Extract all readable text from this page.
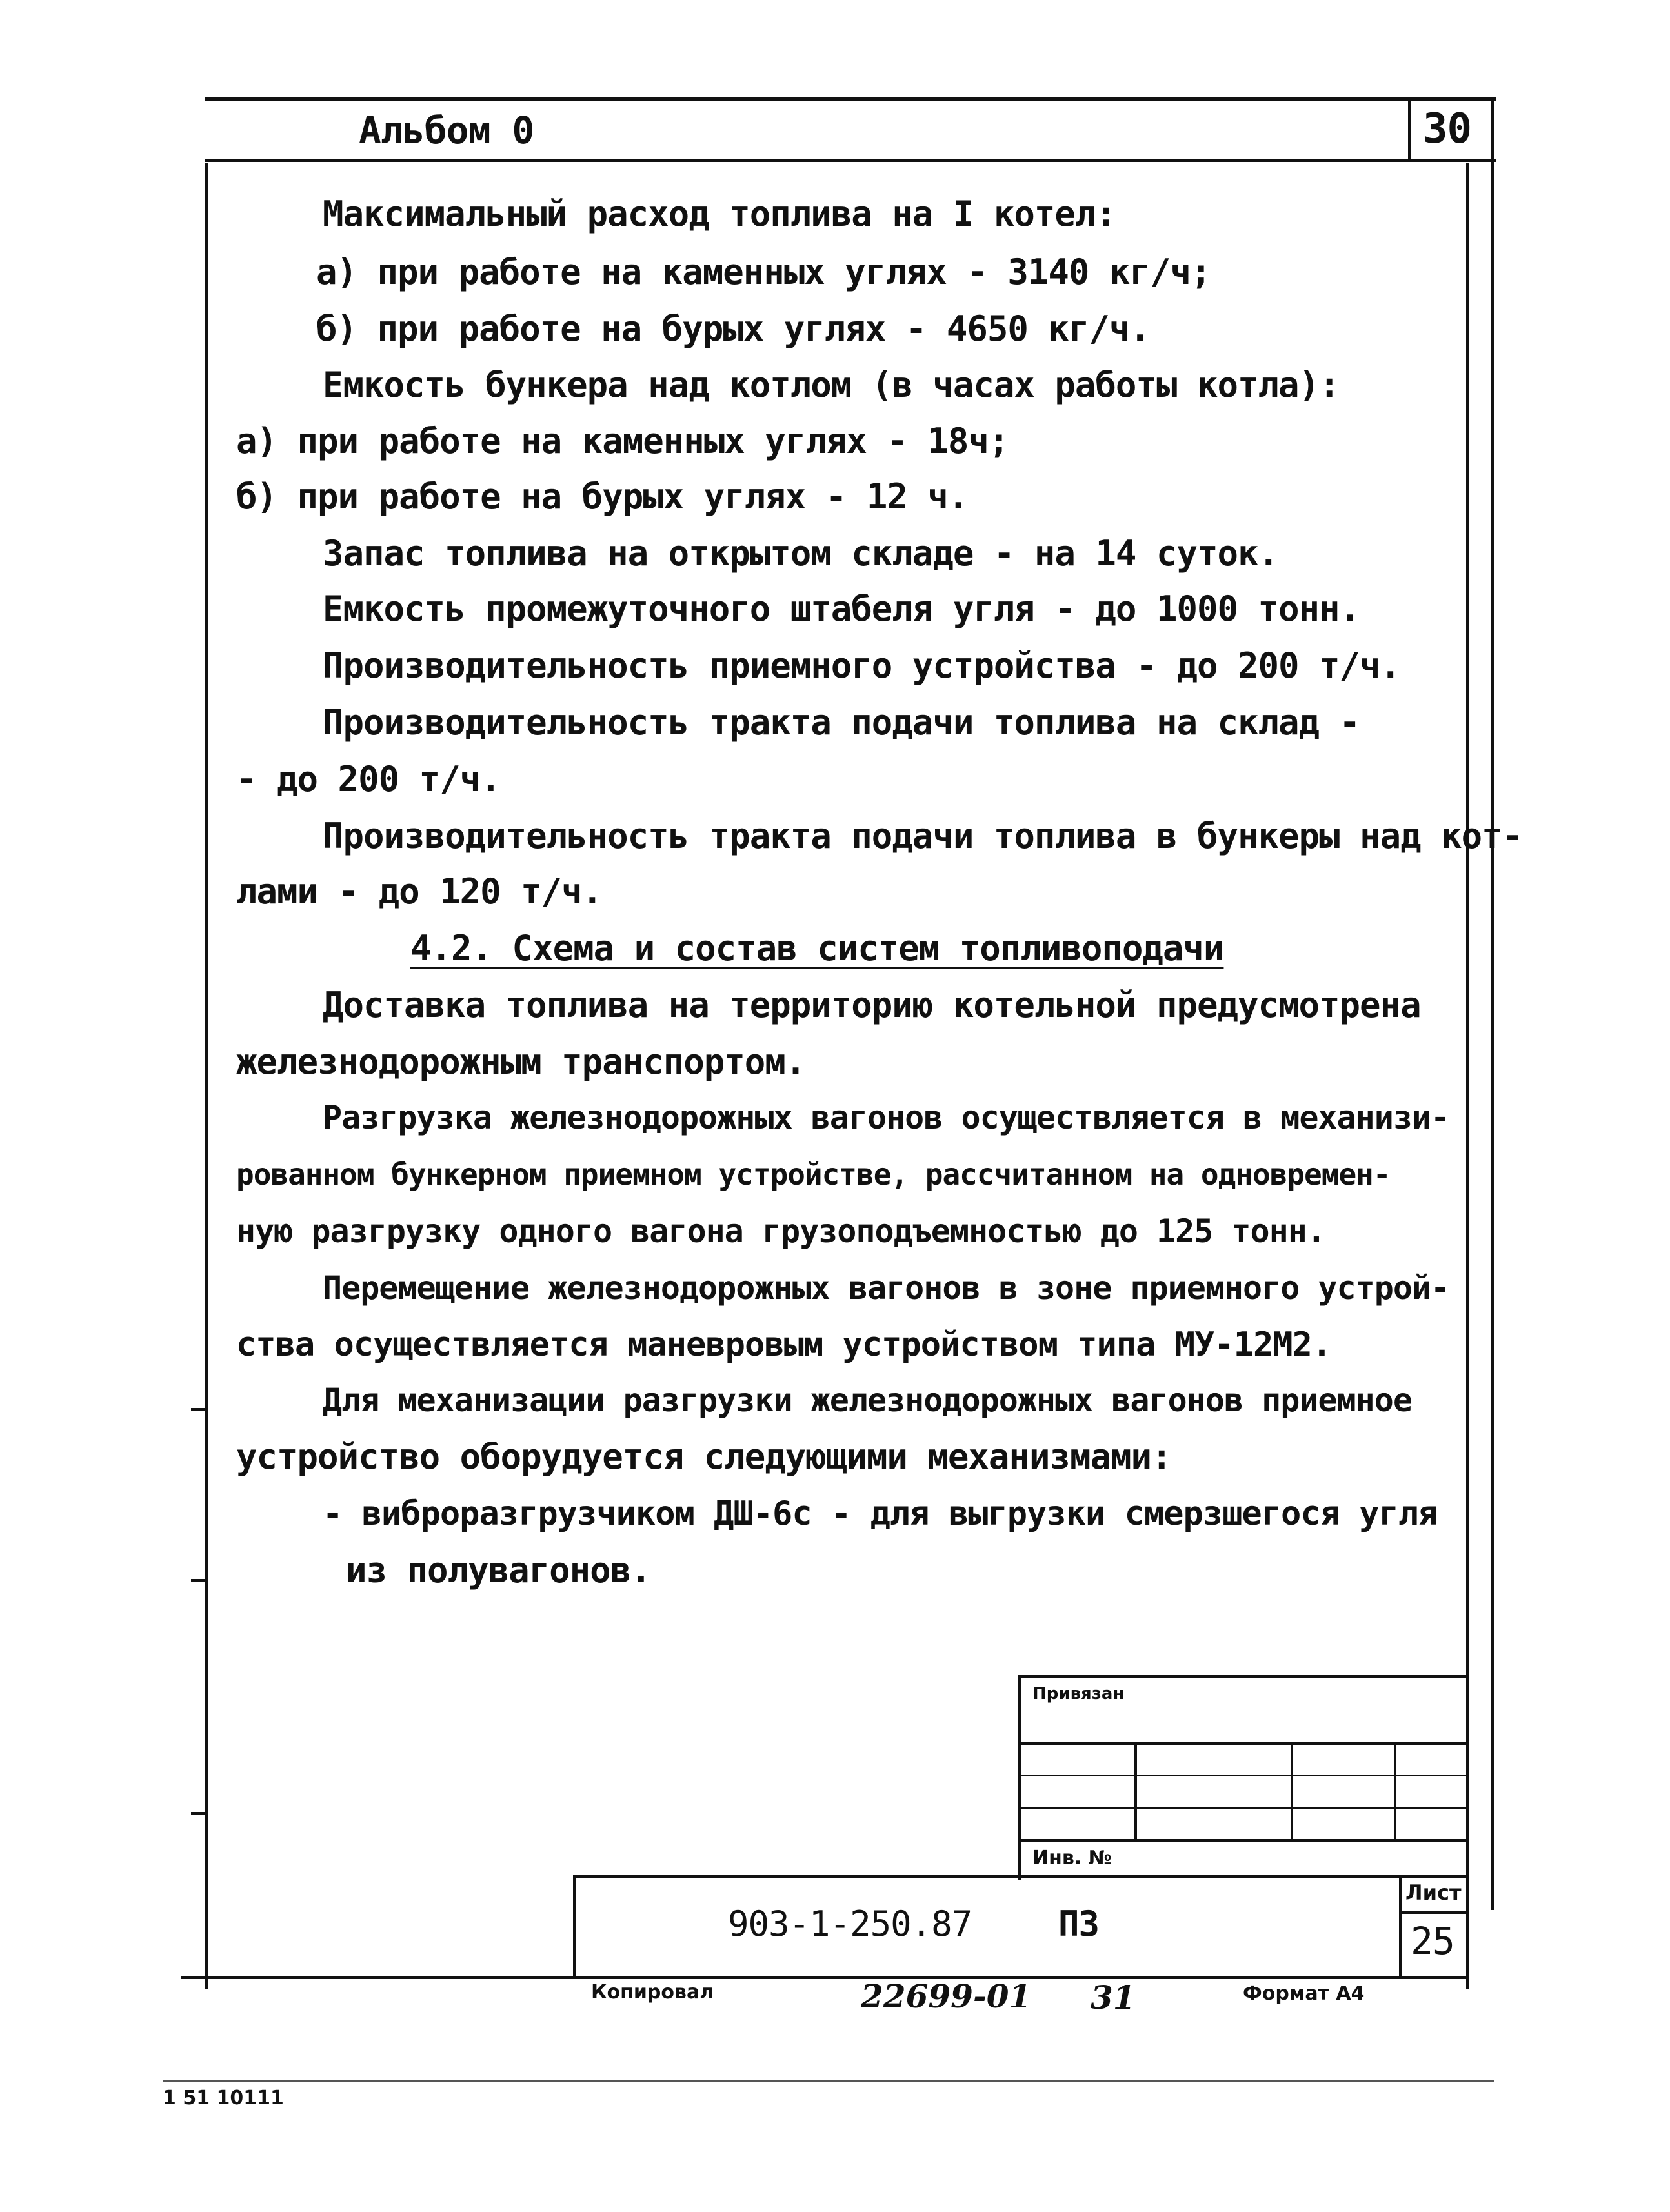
Альбом 0	30
Максимальный расход топлива на I котел:
а) при работе на каменных углях - 3140 кг/ч;
б) при работе на бурых углях - 4650 кг/ч.
Емкость бункера над котлом (в часах работы котла):
а) при работе на каменных углях - 18ч;
б) при работе на бурых углях - 12 ч.
Запас топлива на открытом складе - на 14 суток.
Емкость промежуточного штабеля угля - до 1000 тонн.
Производительность приемного устройства - до 200 т/ч.
Производительность тракта подачи топлива на склад -
- до 200 т/ч.
Производительность тракта подачи топлива в бункеры над кот-
лами - до 120 т/ч.
4.2. Схема и состав систем топливоподачи
Доставка топлива на территорию котельной предусмотрена
железнодорожным транспортом.
Разгрузка железнодорожных вагонов осуществляется в механизи-
рованном бункерном приемном устройстве, рассчитанном на одновремен-
ную разгрузку одного вагона грузоподъемностью до 125 тонн.
Перемещение железнодорожных вагонов в зоне приемного устрой-
ства осуществляется маневровым устройством типа МУ-12М2.
Для механизации разгрузки железнодорожных вагонов приемное
устройство оборудуется следующими механизмами:
- виброразгрузчиком ДШ-6с - для выгрузки смерзшегося угля
из полувагонов.
Привязан
Инв. №
903-1-250.87 ПЗ
Лист
25
Копировал	22699-01 31	Формат А4
1 51 10111
